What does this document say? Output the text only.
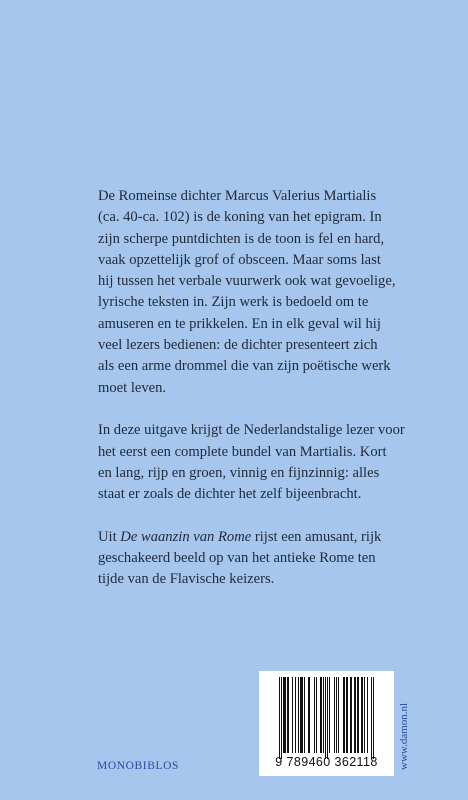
De Romeinse dichter Marcus Valerius Martialis
(ca. 40-ca. 102) is de koning van het epigram. In
zijn scherpe puntdichten is de toon is fel en hard,
vaak opzettelijk grof of obsceen. Maar soms last
hij tussen het verbale vuurwerk ook wat gevoelige,
lyrische teksten in. Zijn werk is bedoeld om te
amuseren en te prikkelen. En in elk geval wil hij
veel lezers bedienen: de dichter presenteert zich
als een arme drommel die van zijn poëtische werk
moet leven.

In deze uitgave krijgt de Nederlandstalige lezer voor
het eerst een complete bundel van Martialis. Kort
en lang, rijp en groen, vinnig en fijnzinnig: alles
staat er zoals de dichter het zelf bijeenbracht.

Uit De waanzin van Rome rijst een amusant, rijk
geschakeerd beeld op van het antieke Rome ten
tijde van de Flavische keizers.

9 789460 362118
MONOBIBLOS	www.damon.nl
